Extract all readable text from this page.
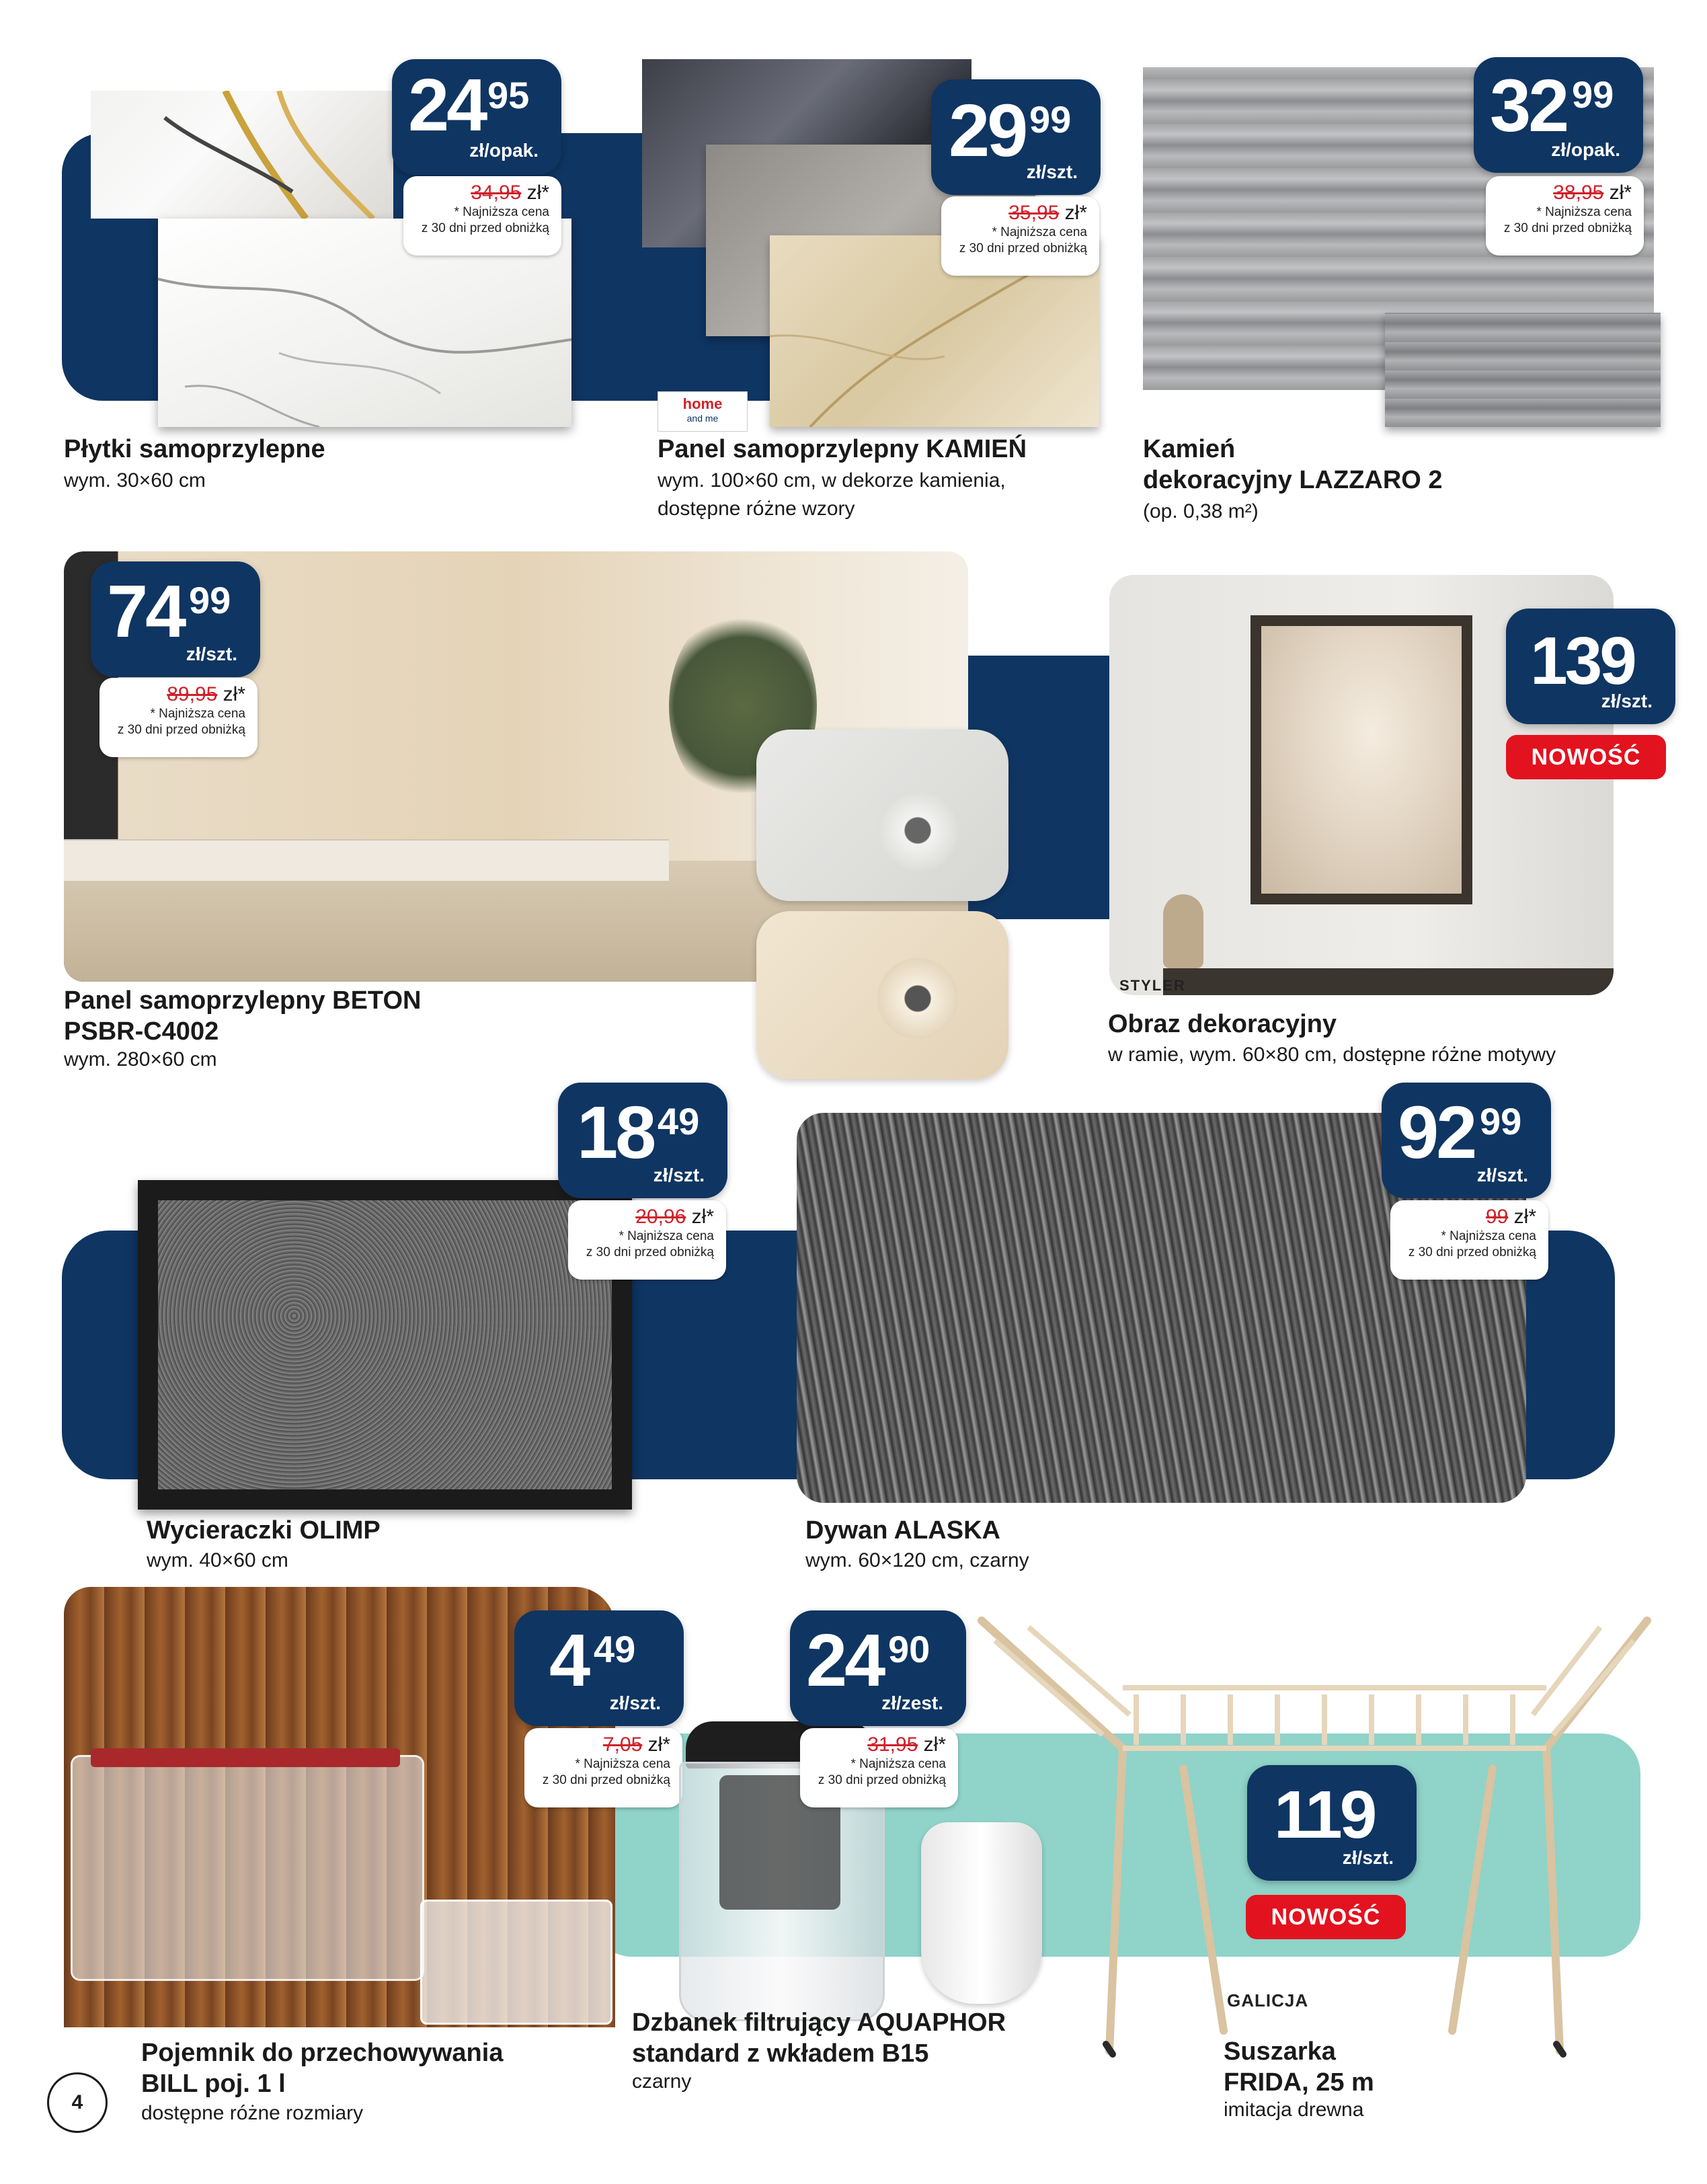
24 95
zł/opak.
34,95 zł*
* Najniższa cena
z 30 dni przed obniżką
Płytki samoprzylepne
wym. 30×60 cm
29 99
zł/szt.
35,95 zł*
* Najniższa cena
z 30 dni przed obniżką
home
and me
Panel samoprzylepny KAMIEŃ
wym. 100×60 cm, w dekorze kamienia,
dostępne różne wzory
32 99
zł/opak.
38,95 zł*
* Najniższa cena
z 30 dni przed obniżką
Kamień
dekoracyjny LAZZARO 2
(op. 0,38 m²)
74 99
zł/szt.
89,95 zł*
* Najniższa cena
z 30 dni przed obniżką
Panel samoprzylepny BETON
PSBR-C4002
wym. 280×60 cm
139
zł/szt.
NOWOŚĆ
STYLER
Obraz dekoracyjny
w ramie, wym. 60×80 cm, dostępne różne motywy
18 49
zł/szt.
20,96 zł*
* Najniższa cena
z 30 dni przed obniżką
Wycieraczki OLIMP
wym. 40×60 cm
92 99
zł/szt.
99 zł*
* Najniższa cena
z 30 dni przed obniżką
Dywan ALASKA
wym. 60×120 cm, czarny
4 49
zł/szt.
7,05 zł*
* Najniższa cena
z 30 dni przed obniżką
Pojemnik do przechowywania
BILL poj. 1 l
dostępne różne rozmiary
4
24 90
zł/zest.
31,95 zł*
* Najniższa cena
z 30 dni przed obniżką
Dzbanek filtrujący AQUAPHOR
standard z wkładem B15
czarny
119
zł/szt.
NOWOŚĆ
GALICJA
Suszarka
FRIDA, 25 m
imitacja drewna
